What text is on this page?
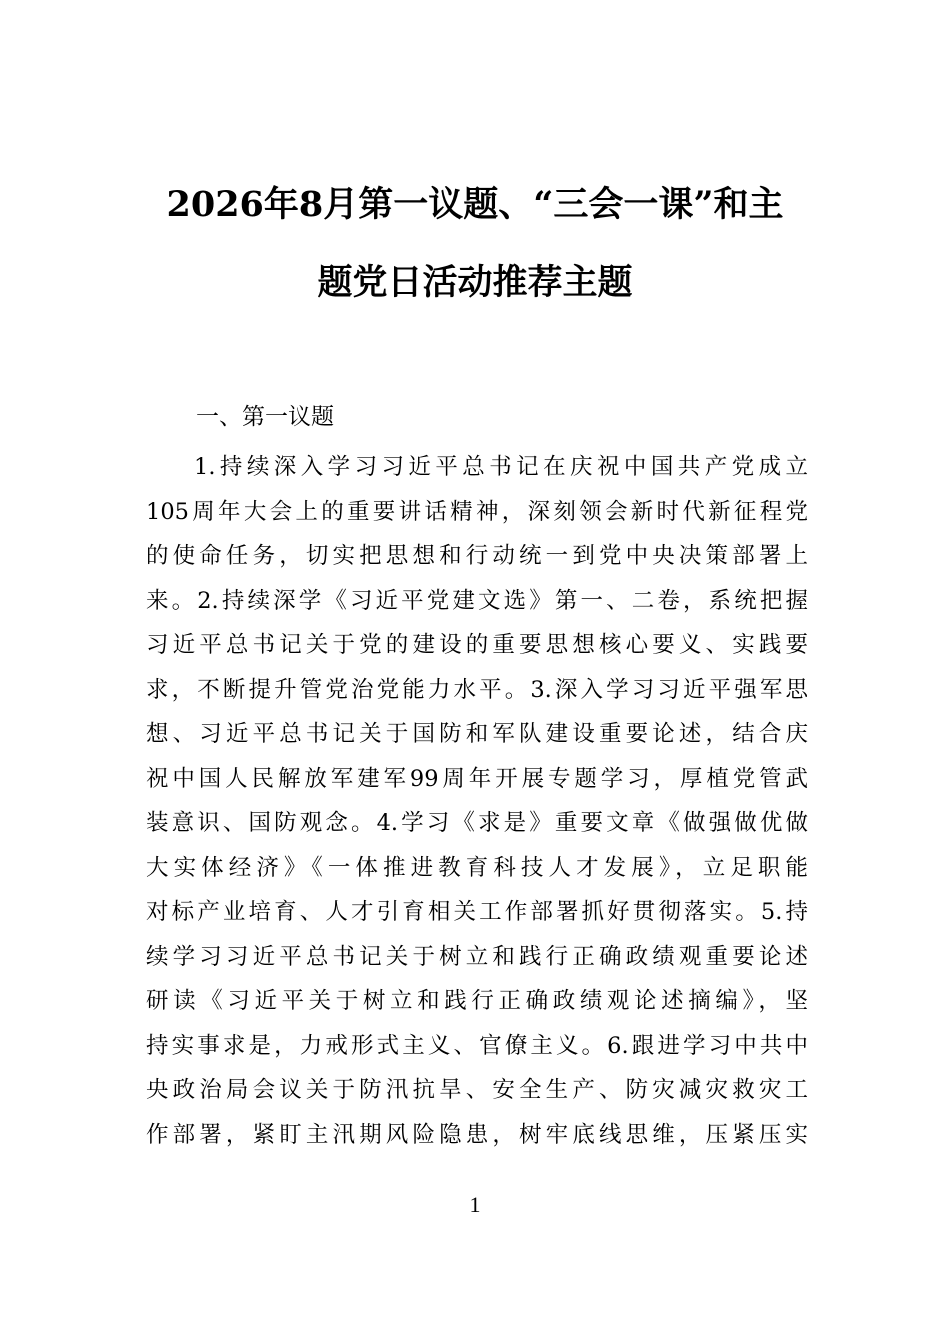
2026年8月第一议题、“三会一课”和主
题党日活动推荐主题
一、第一议题
1.持续深入学习习近平总书记在庆祝中国共产党成立
105周年大会上的重要讲话精神，深刻领会新时代新征程党
的使命任务，切实把思想和行动统一到党中央决策部署上
来。2.持续深学《习近平党建文选》第一、二卷，系统把握
习近平总书记关于党的建设的重要思想核心要义、实践要
求，不断提升管党治党能力水平。3.深入学习习近平强军思
想、习近平总书记关于国防和军队建设重要论述，结合庆
祝中国人民解放军建军99周年开展专题学习，厚植党管武
装意识、国防观念。4.学习《求是》重要文章《做强做优做
大实体经济》《一体推进教育科技人才发展》，立足职能
对标产业培育、人才引育相关工作部署抓好贯彻落实。5.持
续学习习近平总书记关于树立和践行正确政绩观重要论述
研读《习近平关于树立和践行正确政绩观论述摘编》，坚
持实事求是，力戒形式主义、官僚主义。6.跟进学习中共中
央政治局会议关于防汛抗旱、安全生产、防灾减灾救灾工
作部署，紧盯主汛期风险隐患，树牢底线思维，压紧压实
1
